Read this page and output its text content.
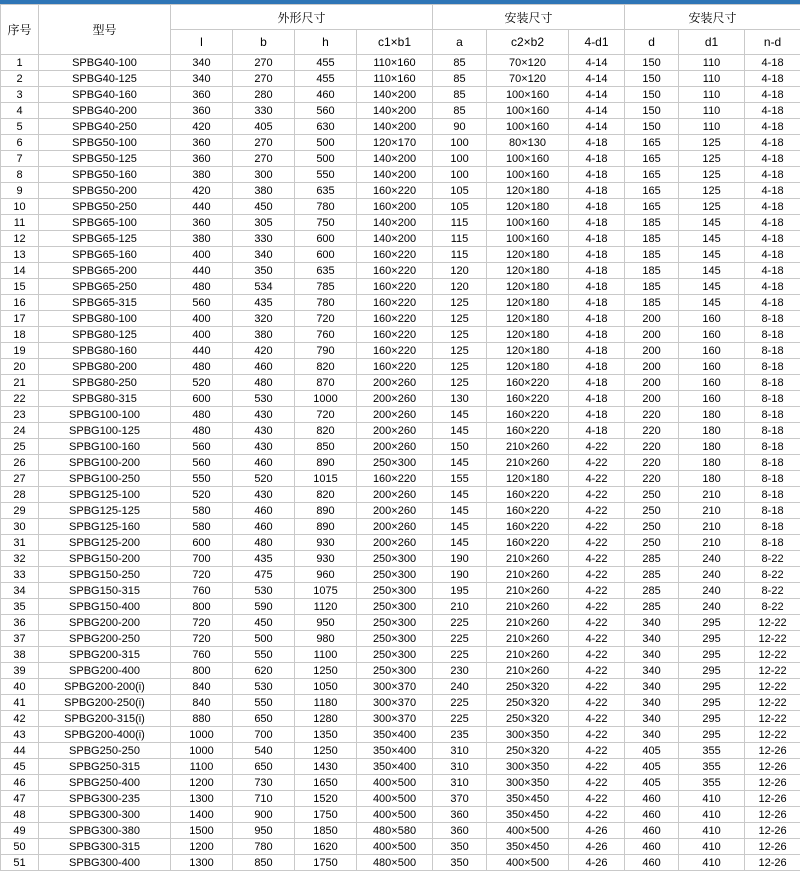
序号	型号	外形尺寸				安装尺寸			安装尺寸		
		l	b	h	c1×b1	a	c2×b2	4-d1	d	d1	n-d
1	SPBG40-100	340	270	455	110×160	85	70×120	4-14	150	110	4-18
2	SPBG40-125	340	270	455	110×160	85	70×120	4-14	150	110	4-18
3	SPBG40-160	360	280	460	140×200	85	100×160	4-14	150	110	4-18
4	SPBG40-200	360	330	560	140×200	85	100×160	4-14	150	110	4-18
5	SPBG40-250	420	405	630	140×200	90	100×160	4-14	150	110	4-18
6	SPBG50-100	360	270	500	120×170	100	80×130	4-18	165	125	4-18
7	SPBG50-125	360	270	500	140×200	100	100×160	4-18	165	125	4-18
8	SPBG50-160	380	300	550	140×200	100	100×160	4-18	165	125	4-18
9	SPBG50-200	420	380	635	160×220	105	120×180	4-18	165	125	4-18
10	SPBG50-250	440	450	780	160×200	105	120×180	4-18	165	125	4-18
11	SPBG65-100	360	305	750	140×200	115	100×160	4-18	185	145	4-18
12	SPBG65-125	380	330	600	140×200	115	100×160	4-18	185	145	4-18
13	SPBG65-160	400	340	600	160×220	115	120×180	4-18	185	145	4-18
14	SPBG65-200	440	350	635	160×220	120	120×180	4-18	185	145	4-18
15	SPBG65-250	480	534	785	160×220	120	120×180	4-18	185	145	4-18
16	SPBG65-315	560	435	780	160×220	125	120×180	4-18	185	145	4-18
17	SPBG80-100	400	320	720	160×220	125	120×180	4-18	200	160	8-18
18	SPBG80-125	400	380	760	160×220	125	120×180	4-18	200	160	8-18
19	SPBG80-160	440	420	790	160×220	125	120×180	4-18	200	160	8-18
20	SPBG80-200	480	460	820	160×220	125	120×180	4-18	200	160	8-18
21	SPBG80-250	520	480	870	200×260	125	160×220	4-18	200	160	8-18
22	SPBG80-315	600	530	1000	200×260	130	160×220	4-18	200	160	8-18
23	SPBG100-100	480	430	720	200×260	145	160×220	4-18	220	180	8-18
24	SPBG100-125	480	430	820	200×260	145	160×220	4-18	220	180	8-18
25	SPBG100-160	560	430	850	200×260	150	210×260	4-22	220	180	8-18
26	SPBG100-200	560	460	890	250×300	145	210×260	4-22	220	180	8-18
27	SPBG100-250	550	520	1015	160×220	155	120×180	4-22	220	180	8-18
28	SPBG125-100	520	430	820	200×260	145	160×220	4-22	250	210	8-18
29	SPBG125-125	580	460	890	200×260	145	160×220	4-22	250	210	8-18
30	SPBG125-160	580	460	890	200×260	145	160×220	4-22	250	210	8-18
31	SPBG125-200	600	480	930	200×260	145	160×220	4-22	250	210	8-18
32	SPBG150-200	700	435	930	250×300	190	210×260	4-22	285	240	8-22
33	SPBG150-250	720	475	960	250×300	190	210×260	4-22	285	240	8-22
34	SPBG150-315	760	530	1075	250×300	195	210×260	4-22	285	240	8-22
35	SPBG150-400	800	590	1120	250×300	210	210×260	4-22	285	240	8-22
36	SPBG200-200	720	450	950	250×300	225	210×260	4-22	340	295	12-22
37	SPBG200-250	720	500	980	250×300	225	210×260	4-22	340	295	12-22
38	SPBG200-315	760	550	1100	250×300	225	210×260	4-22	340	295	12-22
39	SPBG200-400	800	620	1250	250×300	230	210×260	4-22	340	295	12-22
40	SPBG200-200(i)	840	530	1050	300×370	240	250×320	4-22	340	295	12-22
41	SPBG200-250(i)	840	550	1180	300×370	225	250×320	4-22	340	295	12-22
42	SPBG200-315(i)	880	650	1280	300×370	225	250×320	4-22	340	295	12-22
43	SPBG200-400(i)	1000	700	1350	350×400	235	300×350	4-22	340	295	12-22
44	SPBG250-250	1000	540	1250	350×400	310	250×320	4-22	405	355	12-26
45	SPBG250-315	1100	650	1430	350×400	310	300×350	4-22	405	355	12-26
46	SPBG250-400	1200	730	1650	400×500	310	300×350	4-22	405	355	12-26
47	SPBG300-235	1300	710	1520	400×500	370	350×450	4-22	460	410	12-26
48	SPBG300-300	1400	900	1750	400×500	360	350×450	4-22	460	410	12-26
49	SPBG300-380	1500	950	1850	480×580	360	400×500	4-26	460	410	12-26
50	SPBG300-315	1200	780	1620	400×500	350	350×450	4-26	460	410	12-26
51	SPBG300-400	1300	850	1750	480×500	350	400×500	4-26	460	410	12-26
